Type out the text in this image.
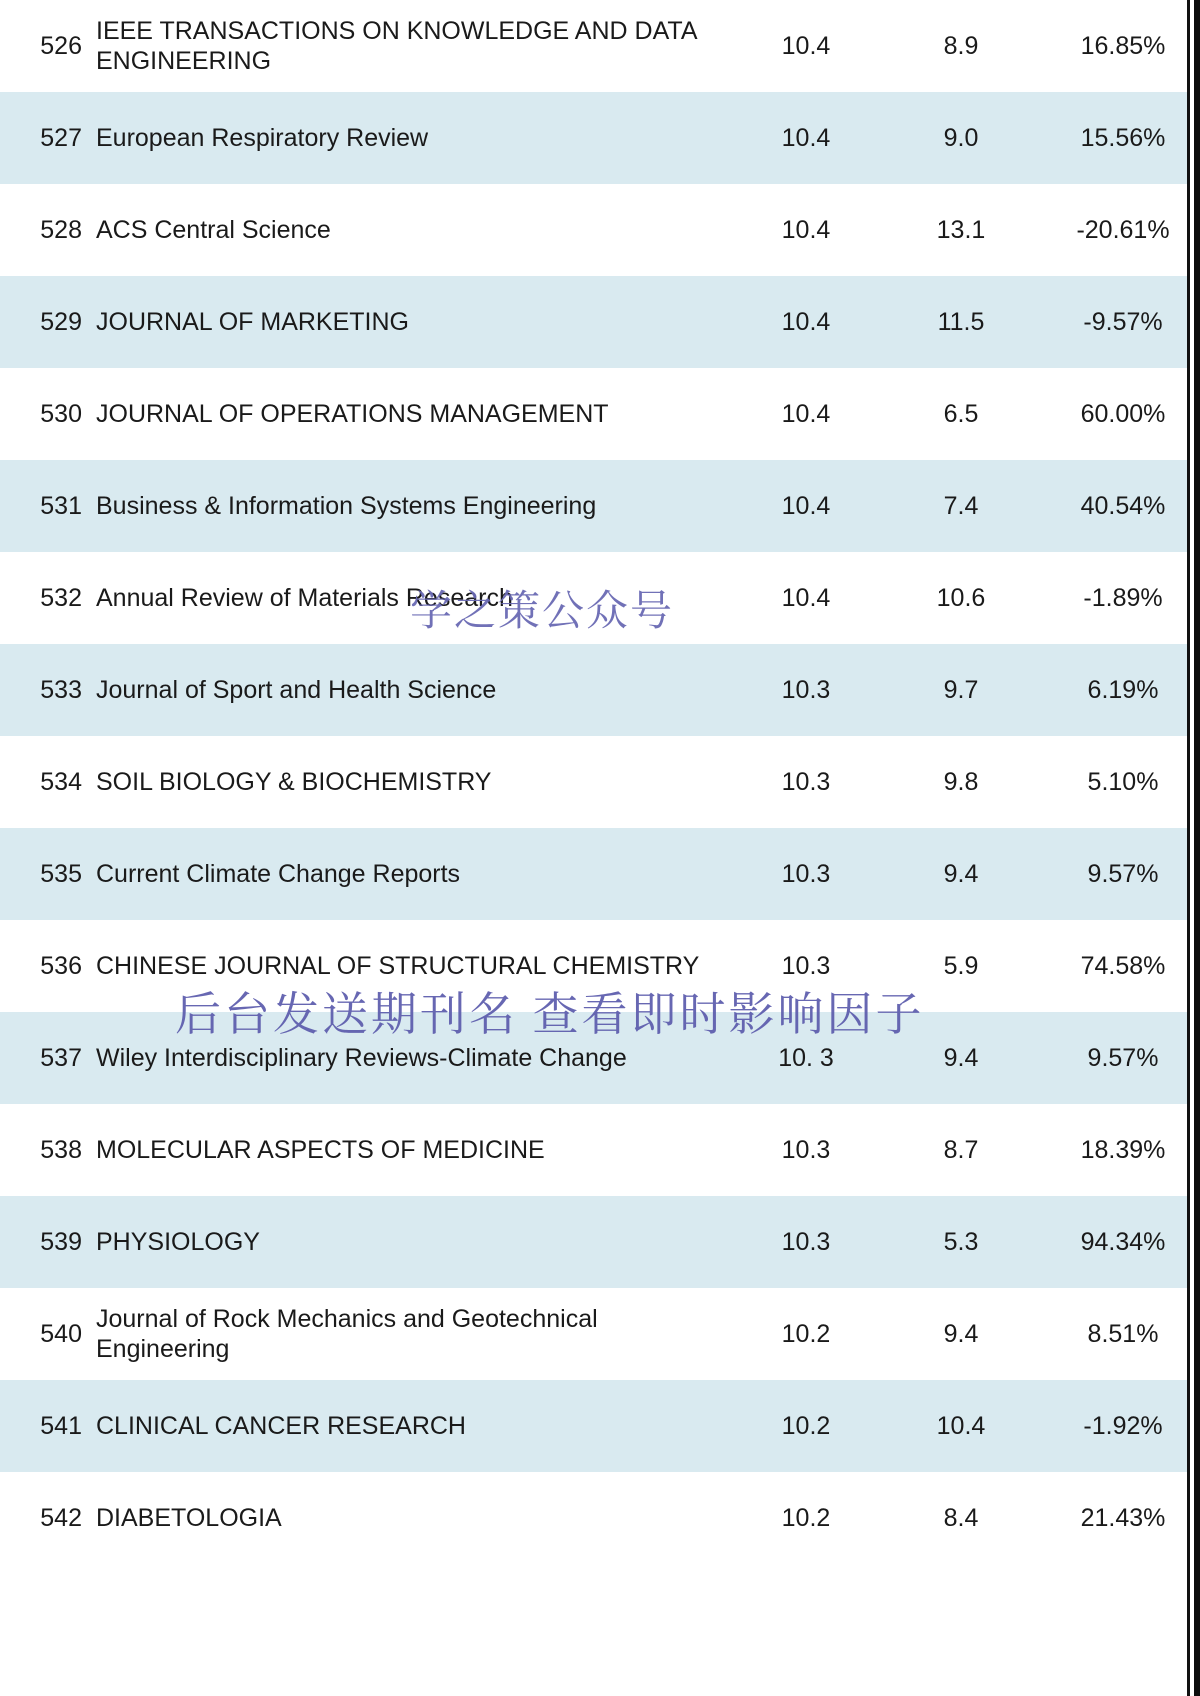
526	IEEE TRANSACTIONS ON KNOWLEDGE AND DATA ENGINEERING	10.4	8.9	16.85%
527	European Respiratory Review	10.4	9.0	15.56%
528	ACS Central Science	10.4	13.1	-20.61%
529	JOURNAL OF MARKETING	10.4	11.5	-9.57%
530	JOURNAL OF OPERATIONS MANAGEMENT	10.4	6.5	60.00%
531	Business & Information Systems Engineering	10.4	7.4	40.54%
532	Annual Review of Materials Research	10.4	10.6	-1.89%
533	Journal of Sport and Health Science	10.3	9.7	6.19%
534	SOIL BIOLOGY & BIOCHEMISTRY	10.3	9.8	5.10%
535	Current Climate Change Reports	10.3	9.4	9.57%
536	CHINESE JOURNAL OF STRUCTURAL CHEMISTRY	10.3	5.9	74.58%
537	Wiley Interdisciplinary Reviews-Climate Change	10. 3	9.4	9.57%
538	MOLECULAR ASPECTS OF MEDICINE	10.3	8.7	18.39%
539	PHYSIOLOGY	10.3	5.3	94.34%
540	Journal of Rock Mechanics and Geotechnical Engineering	10.2	9.4	8.51%
541	CLINICAL CANCER RESEARCH	10.2	10.4	-1.92%
542	DIABETOLOGIA	10.2	8.4	21.43%
学之策公众号
后台发送期刊名 查看即时影响因子
